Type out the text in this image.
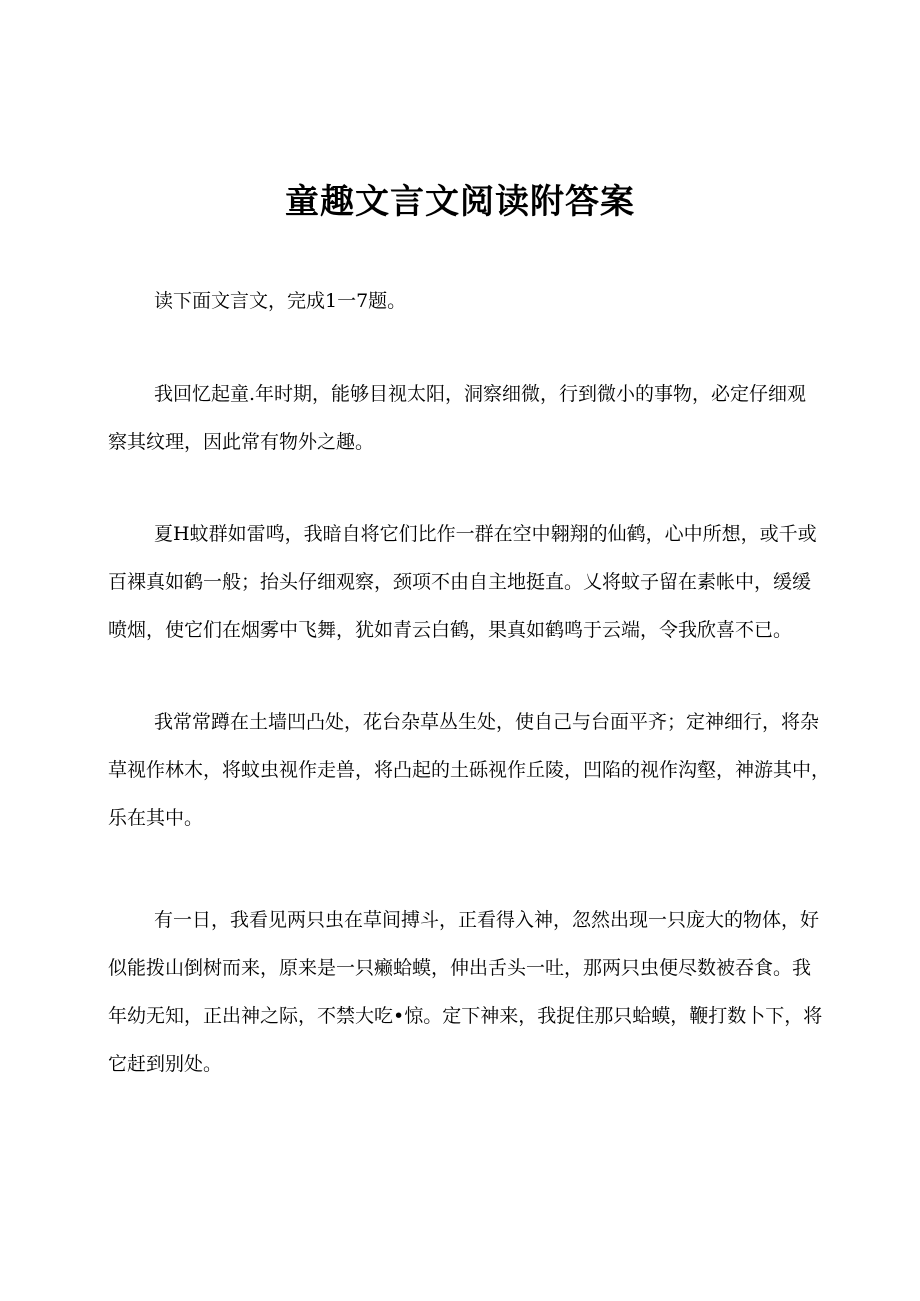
童趣文言文阅读附答案

读下面文言文，完成1一7题。

我回忆起童.年时期，能够目视太阳，洞察细微，行到微小的事物，必定仔细观
察其纹理，因此常有物外之趣。

夏H蚊群如雷鸣，我暗自将它们比作一群在空中翱翔的仙鹤，心中所想，或千或
百裸真如鹤一般；抬头仔细观察，颈项不由自主地挺直。乂将蚊子留在素帐中，缓缓
喷烟，使它们在烟雾中飞舞，犹如青云白鹤，果真如鹤鸣于云端，令我欣喜不已。

我常常蹲在土墙凹凸处，花台杂草丛生处，使自己与台面平齐；定神细行，将杂
草视作林木，将蚊虫视作走兽，将凸起的土砾视作丘陵，凹陷的视作沟壑，神游其中，
乐在其中。

有一日，我看见两只虫在草间搏斗，正看得入神，忽然出现一只庞大的物体，好
似能拨山倒树而来，原来是一只癞蛤蟆，伸出舌头一吐，那两只虫便尽数被吞食。我
年幼无知，正出神之际，不禁大吃•惊。定下神来，我捉住那只蛤蟆，鞭打数卜下，将
它赶到别处。
